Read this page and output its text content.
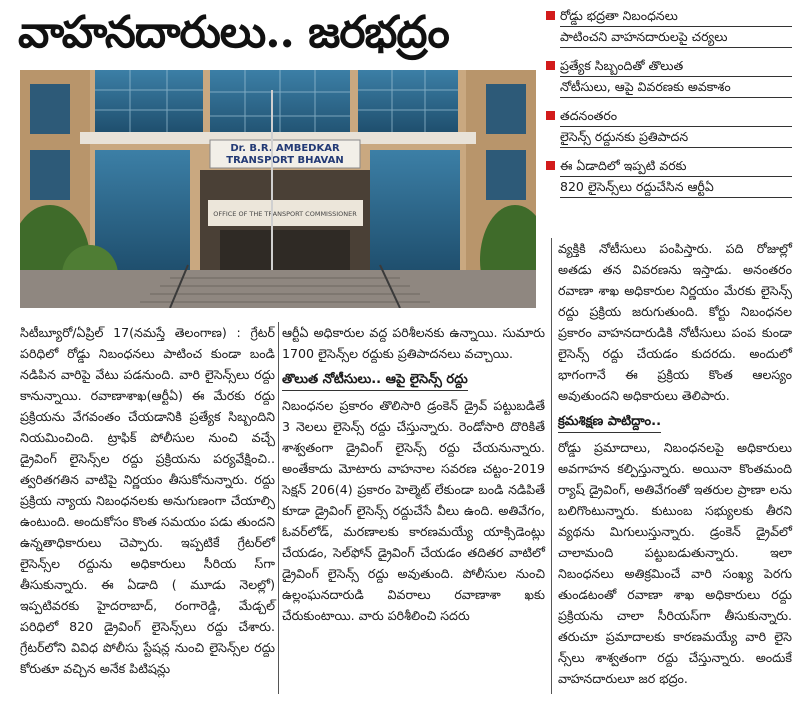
వాహనదారులు.. జరభద్రం
Dr. B.R. AMBEDKAR
TRANSPORT BHAVAN
OFFICE OF THE TRANSPORT COMMISSIONER
రోడ్డు భద్రతా నిబంధనలు
పాటించని వాహనదారులపై చర్యలు
ప్రత్యేక సిబ్బందితో తొలుత
నోటీసులు, ఆపై వివరణకు అవకాశం
తదనంతరం
లైసెన్స్ రద్దునకు ప్రతిపాదన
ఈ ఏడాదిలో ఇప్పటి వరకు
820 లైసెన్స్‌లు రద్దుచేసిన ఆర్టీఏ

సిటీబ్యూరో/ఏప్రిల్ 17(నమస్తే తెలంగాణ) : గ్రేటర్ పరిధిలో రోడ్డు నిబంధనలు పాటించ కుండా బండి నడిపిన వారిపై వేటు పడనుంది. వారి లైసెన్స్‌లు రద్దు కానున్నాయి. రవాణాశాఖ(ఆర్టీఏ) ఈ మేరకు రద్దు ప్రక్రియను వేగవంతం చేయడానికి ప్రత్యేక సిబ్బందిని నియమించింది. ట్రాఫిక్ పోలీసుల నుంచి వచ్చే డ్రైవింగ్ లైసెన్స్‌ల రద్దు ప్రక్రియను పర్యవేక్షించి.. త్వరితగతిన వాటిపై నిర్ణయం తీసుకోనున్నారు. రద్దు ప్రక్రియ న్యాయ నిబంధనలకు అనుగుణంగా చేయాల్సి ఉంటుంది. అందుకోసం కొంత సమయం పడు తుందని ఉన్నతాధికారులు చెప్పారు. ఇప్పటికే గ్రేటర్‌లో లైసెన్స్‌ల రద్దును అధికారులు సీరియ స్‌గా తీసుకున్నారు. ఈ ఏడాది ( మూడు నెలల్లో) ఇప్పటివరకు హైదరాబాద్, రంగారెడ్డి, మేడ్చల్ పరిధిలో 820 డ్రైవింగ్ లైసెన్స్‌లు రద్దు చేశారు. గ్రేటర్‌లోని వివిధ పోలీసు స్టేషన్ల నుంచి లైసెన్స్‌ల రద్దు కోరుతూ వచ్చిన అనేక పిటిషన్లు

ఆర్టీఏ అధికారుల వద్ద పరిశీలనకు ఉన్నాయి. సుమారు 1700 లైసెన్స్‌ల రద్దుకు ప్రతిపాదనలు వచ్చాయి.

తొలుత నోటీసులు.. ఆపై లైసెన్స్ రద్దు

నిబంధనల ప్రకారం తొలిసారి డ్రంకెన్ డ్రైవ్ పట్టుబడితే 3 నెలలు లైసెన్స్ రద్దు చేస్తున్నారు. రెండోసారి దొరికితే శాశ్వతంగా డ్రైవింగ్ లైసెన్స్ రద్దు చేయనున్నారు. అంతేకాదు మోటారు వాహనాల సవరణ చట్టం-2019 సెక్షన్ 206(4) ప్రకారం హెల్మెట్ లేకుండా బండి నడిపితే కూడా డ్రైవింగ్ లైసెన్స్ రద్దుచేసే వీలు ఉంది. అతివేగం, ఓవర్‌లోడ్, మరణాలకు కారణమయ్యే యాక్సిడెంట్లు చేయడం, సెల్‌ఫోన్ డ్రైవింగ్ చేయడం తదితర వాటిలో డ్రైవింగ్ లైసెన్స్ రద్దు అవుతుంది. పోలీసుల నుంచి ఉల్లంఘనదారుడి వివరాలు రవాణాశా ఖకు చేరుకుంటాయి. వారు పరిశీలించి సదరు

వ్యక్తికి నోటీసులు పంపిస్తారు. పది రోజుల్లో అతడు తన వివరణను ఇస్తాడు. అనంతరం రవాణా శాఖ అధికారుల నిర్ణయం మేరకు లైసెన్స్ రద్దు ప్రక్రియ జరుగుతుంది. కోర్టు నిబంధనల ప్రకారం వాహనదారుడికి నోటీసులు పంప కుండా లైసెన్స్ రద్దు చేయడం కుదరదు. అందులో భాగంగానే ఈ ప్రక్రియ కొంత ఆలస్యం అవుతుందని అధికారులు తెలిపారు.

క్రమశిక్షణ పాటిద్దాం..

రోడ్డు ప్రమాదాలు, నిబంధనలపై అధికారులు అవగాహన కల్పిస్తున్నారు. అయినా కొంతమంది ర్యాష్ డ్రైవింగ్, అతివేగంతో ఇతరుల ప్రాణా లను బలిగొంటున్నారు. కుటుంబ సభ్యులకు తీరని వ్యథను మిగులుస్తున్నారు. డ్రంకెన్ డ్రైవ్‌లో చాలామంది పట్టుబడుతున్నారు. ఇలా నిబంధనలు అతిక్రమించే వారి సంఖ్య పెరగు తుండటంతో రవాణా శాఖ అధికారులు రద్దు ప్రక్రియను చాలా సీరియస్‌గా తీసుకున్నారు. తరుచూ ప్రమాదాలకు కారణమయ్యే వారి లైసె న్స్‌లు శాశ్వతంగా రద్దు చేస్తున్నారు. అందుకే వాహనదారులూ జర భద్రం.
